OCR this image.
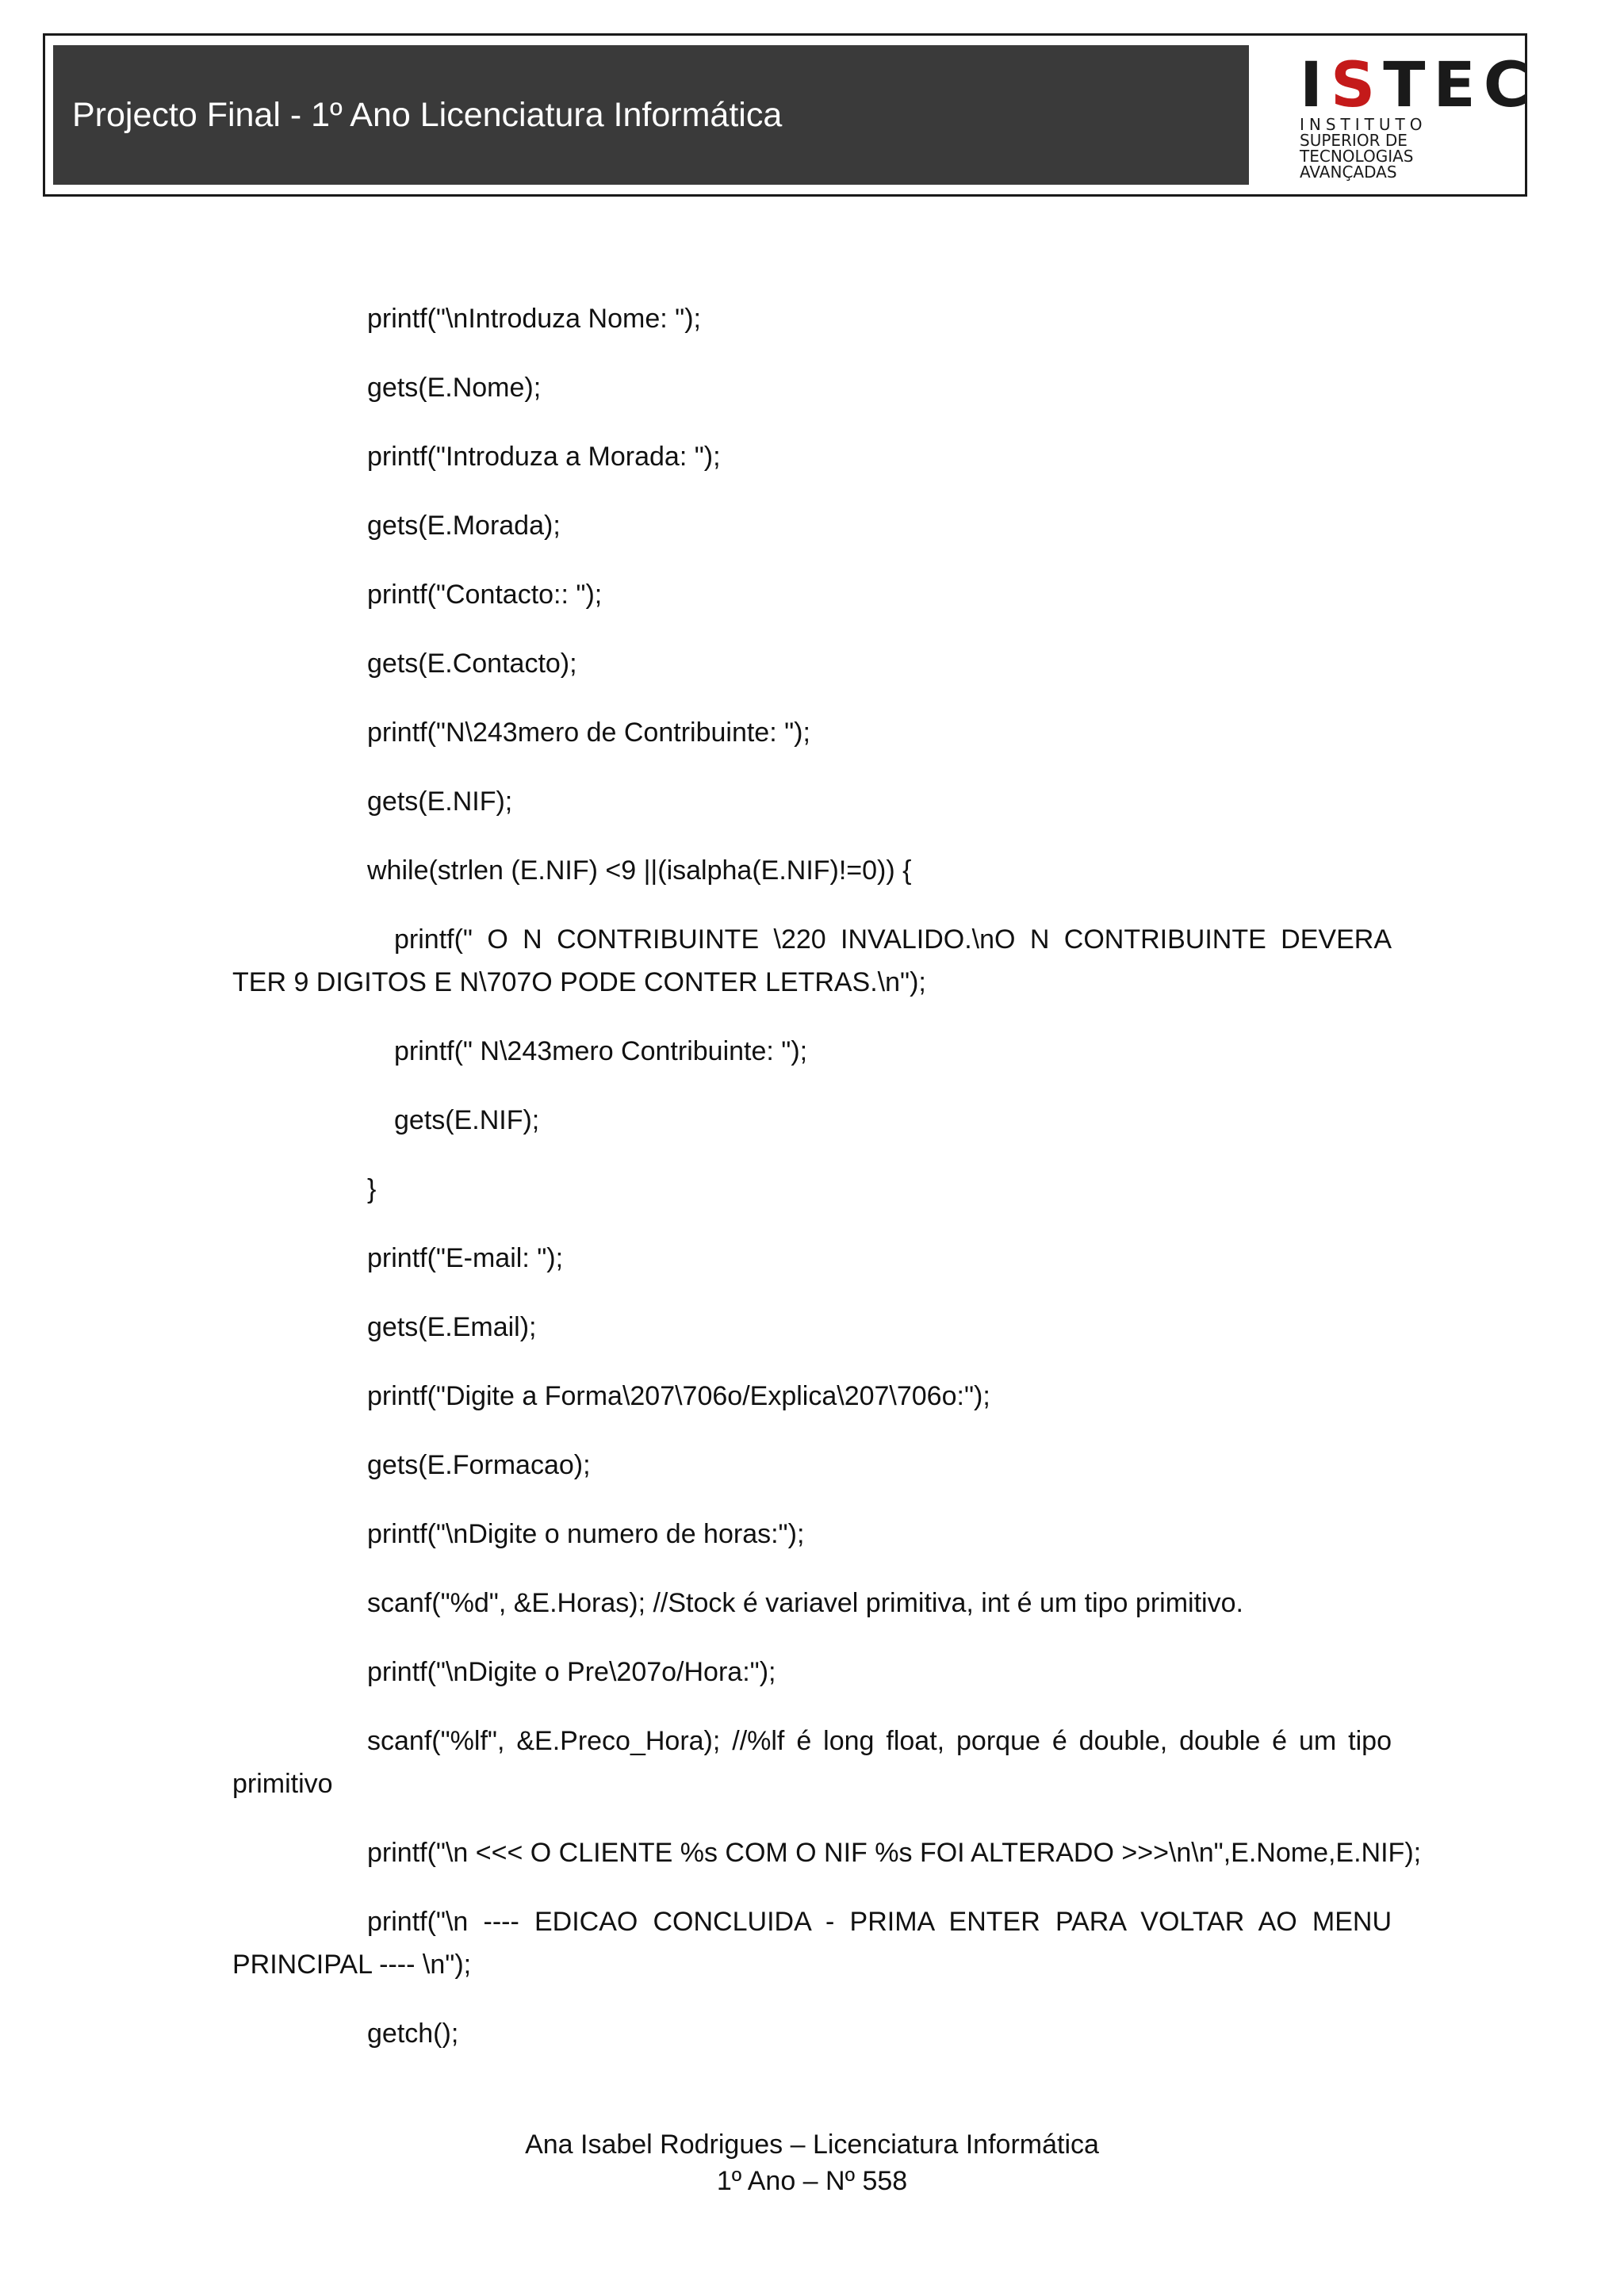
Projecto Final - 1º Ano Licenciatura Informática	ISTEC
INSTITUTO
SUPERIOR DE
TECNOLOGIAS
AVANÇADAS

printf("\nIntroduza Nome: ");

gets(E.Nome);

printf("Introduza a Morada: ");

gets(E.Morada);

printf("Contacto:: ");

gets(E.Contacto);

printf("N\243mero de Contribuinte: ");

gets(E.NIF);

while(strlen (E.NIF) <9 ||(isalpha(E.NIF)!=0)) {

printf(" O N CONTRIBUINTE \220 INVALIDO.\nO N CONTRIBUINTE DEVERA TER 9 DIGITOS E N\707O PODE CONTER LETRAS.\n");

printf(" N\243mero Contribuinte: ");

gets(E.NIF);

}

printf("E-mail: ");

gets(E.Email);

printf("Digite a Forma\207\706o/Explica\207\706o:");

gets(E.Formacao);

printf("\nDigite o numero de horas:");

scanf("%d", &E.Horas); //Stock é variavel primitiva, int é um tipo primitivo.

printf("\nDigite o Pre\207o/Hora:");

scanf("%lf", &E.Preco_Hora); //%lf é long float, porque é double, double é um tipo primitivo

printf("\n <<< O CLIENTE %s COM O NIF %s FOI ALTERADO >>>\n\n",E.Nome,E.NIF);

printf("\n ---- EDICAO CONCLUIDA - PRIMA ENTER PARA VOLTAR AO MENU PRINCIPAL ---- \n");

getch();

Ana Isabel Rodrigues – Licenciatura Informática
1º Ano – Nº 558
